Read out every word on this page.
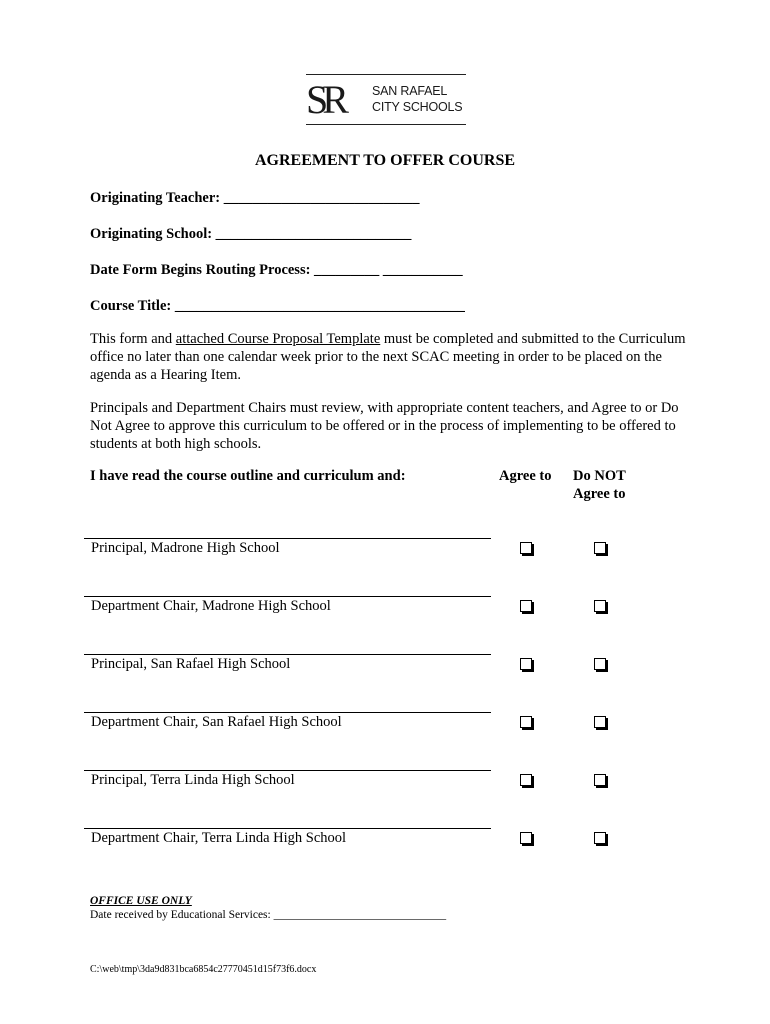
SR SAN RAFAEL
CITY SCHOOLS
AGREEMENT TO OFFER COURSE
Originating Teacher: ___________________________
Originating School: ___________________________
Date Form Begins Routing Process: _________ ___________
Course Title: ________________________________________
This form and attached Course Proposal Template must be completed and submitted to the Curriculum office no later than one calendar week prior to the next SCAC meeting in order to be placed on the agenda as a Hearing Item.
Principals and Department Chairs must review, with appropriate content teachers, and Agree to or Do Not Agree to approve this curriculum to be offered or in the process of implementing to be offered to students at both high schools.
I have read the course outline and curriculum and:	Agree to Do NOT
Agree to
Principal, Madrone High School
Department Chair, Madrone High School
Principal, San Rafael High School
Department Chair, San Rafael High School
Principal, Terra Linda High School
Department Chair, Terra Linda High School
OFFICE USE ONLY
Date received by Educational Services: ______________________________
C:\web\tmp\3da9d831bca6854c27770451d15f73f6.docx
